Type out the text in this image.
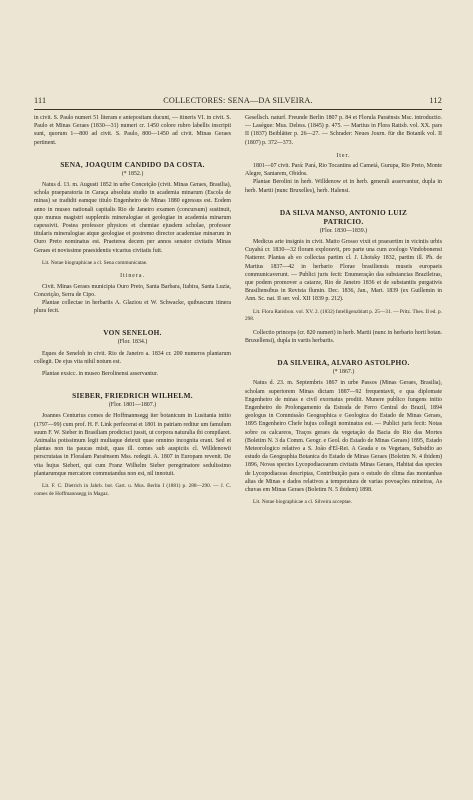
111	COLLECTORES: SENA—DA SILVEIRA.	112

in civit. S. Paulo numeri 51 literam e antepositam ducunt, — itineris VI. in civit. S. Paulo et Minas Geraes (1830—31) numeri cr. 1450 colore rubro labellis inscripti sunt, quorum 1—800 ad civit. S. Paulo, 800—1450 ad civit. Minas Geraes pertinent.

SENA, JOAQUIM CANDIDO DA COSTA.
(* 1852.)

Natus d. 13. m. Augusti 1852 in urbe Conceição (civit. Minas Geraes, Brasilia), schola praeparatoria in Caraça absoluta studio in academia minarum (Escola de minas) se tradidit eamque titulo Engenheiro de Minas 1880 egressus est. Eodem anno in museo nationali capitalis Rio de Janeiro examen (concursum) sustinuit, quo munus magistri supplentis mineralogiae et geologiae in academia minarum capessivit. Postea professor physices et chemiae ejusdem scholae, professor titularis mineralogiae atque geologiae et postremo director academiae minarum in Ouro Preto nominatus est. Praeterea decem per annos senator civitatis Minas Geraes et novissime praesidentis vicarius civitatis fuit.

Lit. Notae biographicae a cl. Sena communicatae.

Itinera.

Civit. Minas Geraes municipia Ouro Preto, Santa Barbara, Itabira, Santa Luzia, Conceição, Serra de Cipo.

Plantae collectae in herbariis A. Glaziou et W. Schwacke, quibuscum itinera plura fecit.

VON SENELOH.
(Flor. 1834.)

Eques de Seneloh in civit. Rio de Janeiro a. 1834 cr. 200 numeros plantarum collegit. De ejus vita nihil notum est.

Plantae exsicc. in museo Berolinensi asservantur.

SIEBER, FRIEDRICH WILHELM.
(Flor. 1801—1807.)

Joannes Centurius comes de Hoffmannsegg iter botanicum in Lusitania initio (1797—99) cum prof. H. F. Link perfecerat et 1801 in patriam reditur um famulum suum F. W. Sieber in Brasiliam prodicisci jussit, ut corpora naturalia ibi compilaret. Animalia potissimum legit multaque detexit quae omnino incognita erant. Sed et plantas non ita paucas misit, quas ill. comes sub auspiciis cl. Willdenowii perscrutatas in Floralam Paraënsem Mss. redegit. A. 1807 in Europam revenit. De vita hujus Sieberi, qui cum Franz Wilhelm Sieber peregrinatore sedulissimo plantarumque mercatore commutandus non est, nil innotuit.

Lit. F. C. Dietrich in Jahrb. bot. Gart. u. Mus. Berlin I (1881) p. 288—290. — J. C. comes de Hoffmannsegg in Magaz.

Gesellsch. naturf. Freunde Berlin 1807 p. 84 et Florula Paraënsis Msc. introductio. — Lasègue: Mus. Deless. (1845) p. 475. — Martius in Flora Ratisb. vol. XX. pars II (1837) Beiblätter p. 26—27. — Schrader: Neues Journ. für die Botanik vol. II (1807) p. 372—373.

Iter.

1801—07 civit. Pará: Pará, Rio Tocantins ad Cametá, Gurupa, Rio Preto, Monte Alegre, Santarem, Obidos.

Plantae Berolini in herb. Willdenow et in herb. generali asservantur, dupla in herb. Martii (nunc Bruxelles), herb. Halensi.

DA SILVA MANSO, ANTONIO LUIZ
PATRICIO.
(Flor. 1830—1839.)

Medicus arte insignis in civit. Matto Grosso vixit et praesertim in viciniis urbis Cuyabá cr. 1830—32 floram exploravit, pro parte una cum zoologo Vindobonensi Natterer. Plantas ab eo collectas partim cl. J. Lhotsky 1832, partim ill. Ph. de Martius 1837—42 in herbario Florae brasiliensis museis europaeis communicaverunt. — Publici juris fecit: Enumeração das substancias Brazileiras, que podem promover a catarze, Rio de Janeiro 1836 et de substantiis purgativis Brasiliensibus in Revista flumin. Dec. 1836, Jan., Mart. 1839 (ex Guillemin in Ann. Sc. nat. II ser. vol. XII 1839 p. 212).

Lit. Flora Ratisbon. vol. XV. 2. (1832) Intelligenzblatt p. 25—31. — Pritz. Thes. II ed. p. 298.

Collectio princeps (cr. 820 numeri) in herb. Martii (nunc in herbario horti botan. Bruxellensi), dupla in variis herbariis.

DA SILVEIRA, ALVARO ASTOLPHO.
(* 1867.)

Natus d. 23. m. Septembris 1867 in urbe Passos (Minas Geraes, Brasilia), scholam superiorem Minas dictam 1887—92 frequentavit, e qua diplomate Engenheiro de minas e civil exornatus prodiit. Munere publico fungens initio Engenheiro do Prolongamento da Estrada de Ferro Central do Brazil, 1894 geologus in Commissão Geographica e Geologica do Estado de Minas Geraes, 1895 Engenheiro Chefe hujus collegii nominatus est. — Publici juris fecit: Notas sobre os calcareos, Traços geraes da vegetação da Bacia do Rio das Mortes (Boletim N. 3 da Comm. Geogr. e Geol. do Estado de Minas Geraes) 1895, Estado Meteorologico relativo a S. João d'El-Rei. A Geada e os Vegetaes, Subsidio ao estudo da Geographia Botanica do Estado de Minas Geraes (Boletim N. 4 ibidem) 1896, Novas species Lycopodiacearum civitatis Minas Geraes, Habitat das species de Lycopodiaceas descriptas, Contribuição para o estudo do clima das montanhas altas de Minas e dados relativos a temperatura de varias povoações mineiras, As chuvas em Minas Geraes (Boletim N. 5 ibidem) 1898.

Lit. Notae biographicae a cl. Silveira acceptae.
